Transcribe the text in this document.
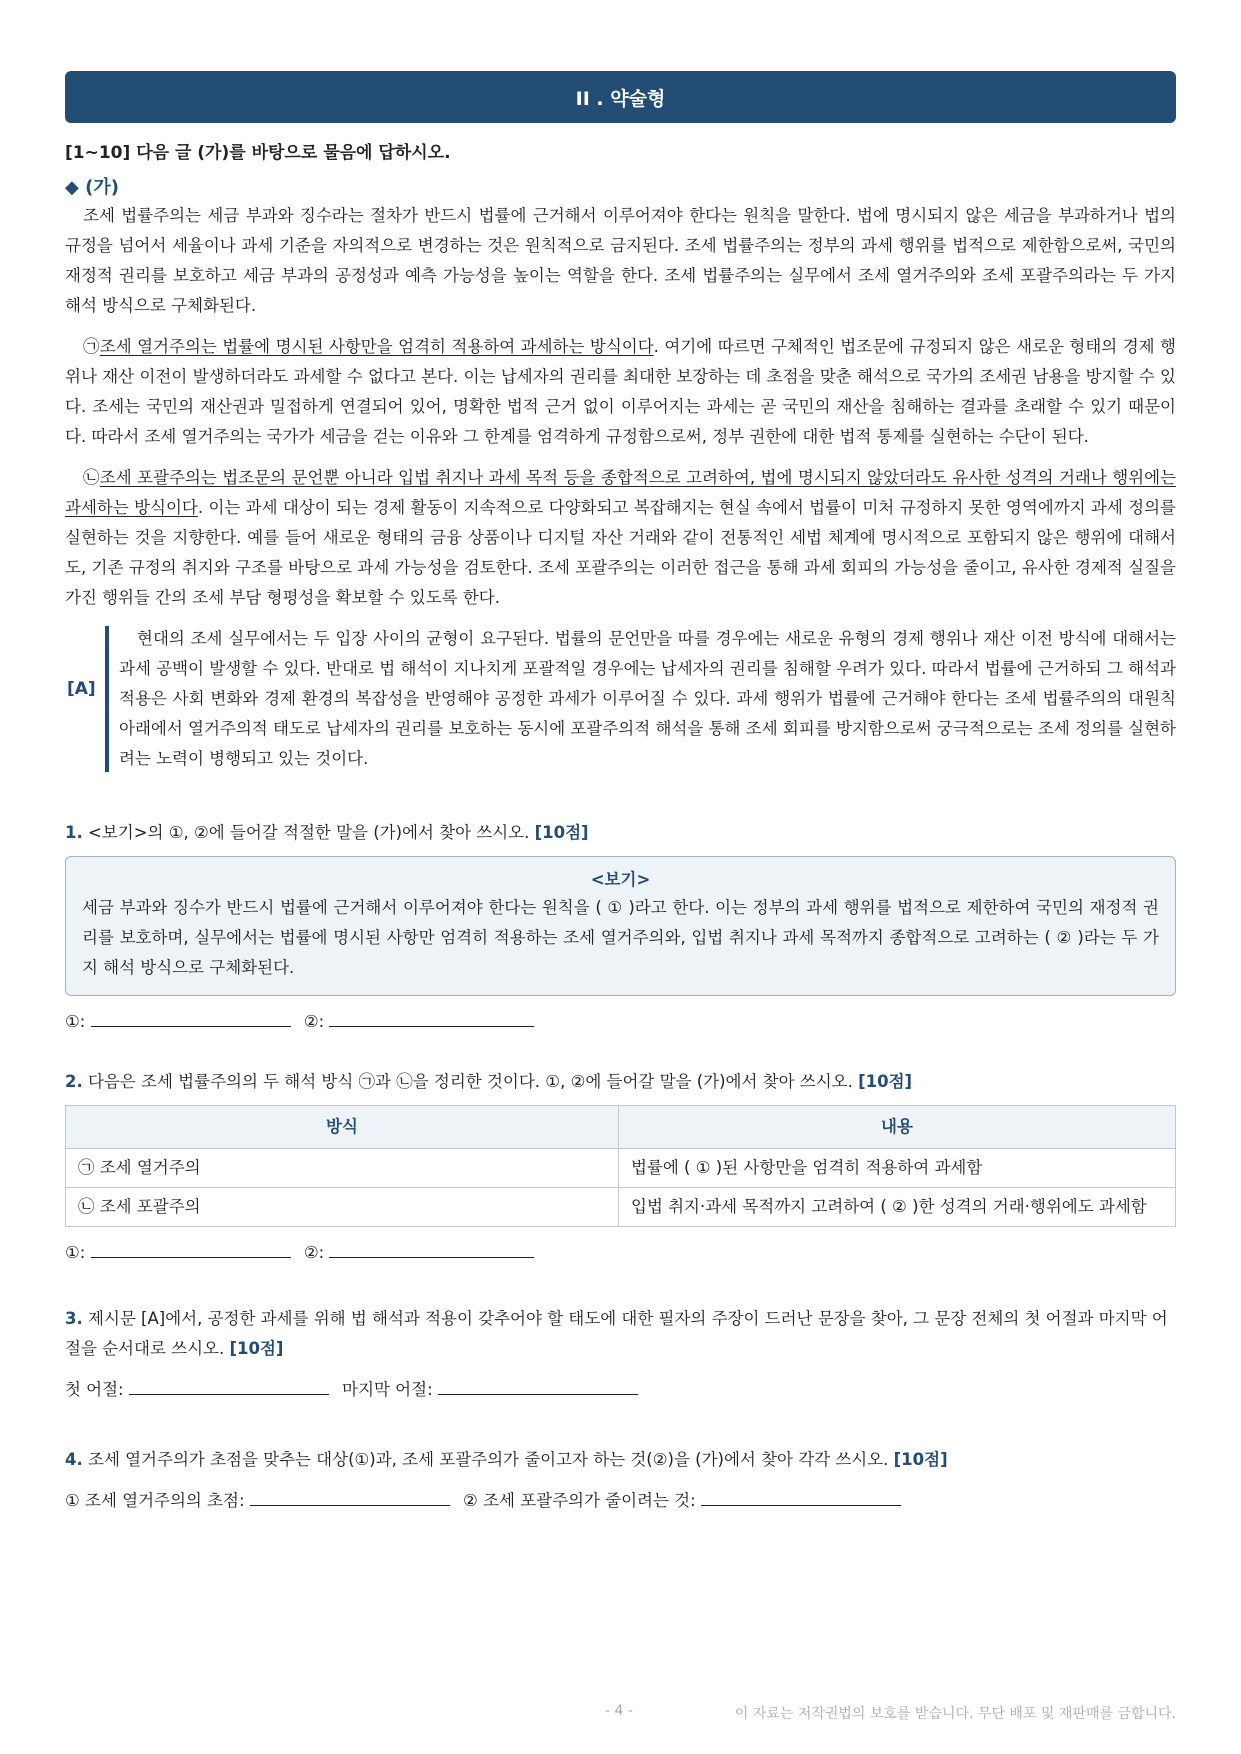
II . 약술형
[1~10] 다음 글 (가)를 바탕으로 물음에 답하시오.
◆ (가)

조세 법률주의는 세금 부과와 징수라는 절차가 반드시 법률에 근거해서 이루어져야 한다는 원칙을 말한다. 법에 명시되지 않은 세금을 부과하거나 법의 규정을 넘어서 세율이나 과세 기준을 자의적으로 변경하는 것은 원칙적으로 금지된다. 조세 법률주의는 정부의 과세 행위를 법적으로 제한함으로써, 국민의 재정적 권리를 보호하고 세금 부과의 공정성과 예측 가능성을 높이는 역할을 한다. 조세 법률주의는 실무에서 조세 열거주의와 조세 포괄주의라는 두 가지 해석 방식으로 구체화된다.

㉠조세 열거주의는 법률에 명시된 사항만을 엄격히 적용하여 과세하는 방식이다. 여기에 따르면 구체적인 법조문에 규정되지 않은 새로운 형태의 경제 행위나 재산 이전이 발생하더라도 과세할 수 없다고 본다. 이는 납세자의 권리를 최대한 보장하는 데 초점을 맞춘 해석으로 국가의 조세권 남용을 방지할 수 있다. 조세는 국민의 재산권과 밀접하게 연결되어 있어, 명확한 법적 근거 없이 이루어지는 과세는 곧 국민의 재산을 침해하는 결과를 초래할 수 있기 때문이다. 따라서 조세 열거주의는 국가가 세금을 걷는 이유와 그 한계를 엄격하게 규정함으로써, 정부 권한에 대한 법적 통제를 실현하는 수단이 된다.

㉡조세 포괄주의는 법조문의 문언뿐 아니라 입법 취지나 과세 목적 등을 종합적으로 고려하여, 법에 명시되지 않았더라도 유사한 성격의 거래나 행위에는 과세하는 방식이다. 이는 과세 대상이 되는 경제 활동이 지속적으로 다양화되고 복잡해지는 현실 속에서 법률이 미처 규정하지 못한 영역에까지 과세 정의를 실현하는 것을 지향한다. 예를 들어 새로운 형태의 금융 상품이나 디지털 자산 거래와 같이 전통적인 세법 체계에 명시적으로 포함되지 않은 행위에 대해서도, 기존 규정의 취지와 구조를 바탕으로 과세 가능성을 검토한다. 조세 포괄주의는 이러한 접근을 통해 과세 회피의 가능성을 줄이고, 유사한 경제적 실질을 가진 행위들 간의 조세 부담 형평성을 확보할 수 있도록 한다.

[A]

현대의 조세 실무에서는 두 입장 사이의 균형이 요구된다. 법률의 문언만을 따를 경우에는 새로운 유형의 경제 행위나 재산 이전 방식에 대해서는 과세 공백이 발생할 수 있다. 반대로 법 해석이 지나치게 포괄적일 경우에는 납세자의 권리를 침해할 우려가 있다. 따라서 법률에 근거하되 그 해석과 적용은 사회 변화와 경제 환경의 복잡성을 반영해야 공정한 과세가 이루어질 수 있다. 과세 행위가 법률에 근거해야 한다는 조세 법률주의의 대원칙 아래에서 열거주의적 태도로 납세자의 권리를 보호하는 동시에 포괄주의적 해석을 통해 조세 회피를 방지함으로써 궁극적으로는 조세 정의를 실현하려는 노력이 병행되고 있는 것이다.

1. <보기>의 ①, ②에 들어갈 적절한 말을 (가)에서 찾아 쓰시오. [10점]
<보기>
세금 부과와 징수가 반드시 법률에 근거해서 이루어져야 한다는 원칙을 ( ① )라고 한다. 이는 정부의 과세 행위를 법적으로 제한하여 국민의 재정적 권리를 보호하며, 실무에서는 법률에 명시된 사항만 엄격히 적용하는 조세 열거주의와, 입법 취지나 과세 목적까지 종합적으로 고려하는 ( ② )라는 두 가지 해석 방식으로 구체화된다.
①:	②:
2. 다음은 조세 법률주의의 두 해석 방식 ㉠과 ㉡을 정리한 것이다. ①, ②에 들어갈 말을 (가)에서 찾아 쓰시오. [10점]
방식	내용
㉠ 조세 열거주의	법률에 ( ① )된 사항만을 엄격히 적용하여 과세함
㉡ 조세 포괄주의	입법 취지·과세 목적까지 고려하여 ( ② )한 성격의 거래·행위에도 과세함
①:	②:
3. 제시문 [A]에서, 공정한 과세를 위해 법 해석과 적용이 갖추어야 할 태도에 대한 필자의 주장이 드러난 문장을 찾아, 그 문장 전체의 첫 어절과 마지막 어절을 순서대로 쓰시오. [10점]
첫 어절:	마지막 어절:
4. 조세 열거주의가 초점을 맞추는 대상(①)과, 조세 포괄주의가 줄이고자 하는 것(②)을 (가)에서 찾아 각각 쓰시오. [10점]
① 조세 열거주의의 초점:	② 조세 포괄주의가 줄이려는 것:
- 4 -	이 자료는 저작권법의 보호를 받습니다. 무단 배포 및 재판매를 금합니다.
